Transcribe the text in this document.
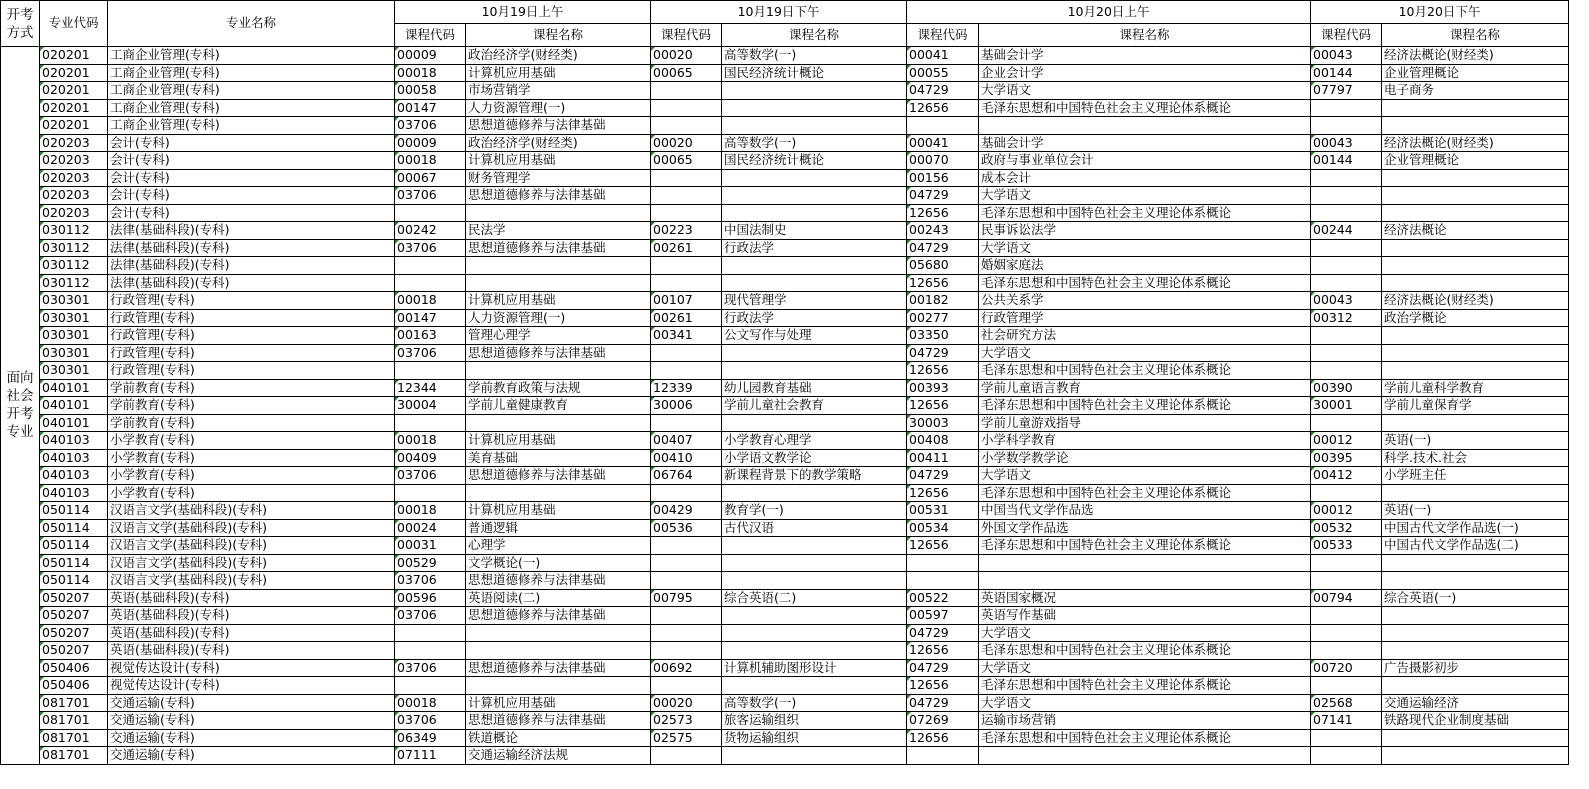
开考方式	专业代码	专业名称	10月19日上午		10月19日下午		10月20日上午		10月20日下午	
			课程代码	课程名称	课程代码	课程名称	课程代码	课程名称	课程代码	课程名称
面向社会开考专业	020201	工商企业管理(专科)	00009	政治经济学(财经类)	00020	高等数学(一)	00041	基础会计学	00043	经济法概论(财经类)
	020201	工商企业管理(专科)	00018	计算机应用基础	00065	国民经济统计概论	00055	企业会计学	00144	企业管理概论
	020201	工商企业管理(专科)	00058	市场营销学			04729	大学语文	07797	电子商务
	020201	工商企业管理(专科)	00147	人力资源管理(一)			12656	毛泽东思想和中国特色社会主义理论体系概论		
	020201	工商企业管理(专科)	03706	思想道德修养与法律基础						
	020203	会计(专科)	00009	政治经济学(财经类)	00020	高等数学(一)	00041	基础会计学	00043	经济法概论(财经类)
	020203	会计(专科)	00018	计算机应用基础	00065	国民经济统计概论	00070	政府与事业单位会计	00144	企业管理概论
	020203	会计(专科)	00067	财务管理学			00156	成本会计		
	020203	会计(专科)	03706	思想道德修养与法律基础			04729	大学语文		
	020203	会计(专科)					12656	毛泽东思想和中国特色社会主义理论体系概论		
	030112	法律(基础科段)(专科)	00242	民法学	00223	中国法制史	00243	民事诉讼法学	00244	经济法概论
	030112	法律(基础科段)(专科)	03706	思想道德修养与法律基础	00261	行政法学	04729	大学语文		
	030112	法律(基础科段)(专科)					05680	婚姻家庭法		
	030112	法律(基础科段)(专科)					12656	毛泽东思想和中国特色社会主义理论体系概论		
	030301	行政管理(专科)	00018	计算机应用基础	00107	现代管理学	00182	公共关系学	00043	经济法概论(财经类)
	030301	行政管理(专科)	00147	人力资源管理(一)	00261	行政法学	00277	行政管理学	00312	政治学概论
	030301	行政管理(专科)	00163	管理心理学	00341	公文写作与处理	03350	社会研究方法		
	030301	行政管理(专科)	03706	思想道德修养与法律基础			04729	大学语文		
	030301	行政管理(专科)					12656	毛泽东思想和中国特色社会主义理论体系概论		
	040101	学前教育(专科)	12344	学前教育政策与法规	12339	幼儿园教育基础	00393	学前儿童语言教育	00390	学前儿童科学教育
	040101	学前教育(专科)	30004	学前儿童健康教育	30006	学前儿童社会教育	12656	毛泽东思想和中国特色社会主义理论体系概论	30001	学前儿童保育学
	040101	学前教育(专科)					30003	学前儿童游戏指导		
	040103	小学教育(专科)	00018	计算机应用基础	00407	小学教育心理学	00408	小学科学教育	00012	英语(一)
	040103	小学教育(专科)	00409	美育基础	00410	小学语文教学论	00411	小学数学教学论	00395	科学.技术.社会
	040103	小学教育(专科)	03706	思想道德修养与法律基础	06764	新课程背景下的教学策略	04729	大学语文	00412	小学班主任
	040103	小学教育(专科)					12656	毛泽东思想和中国特色社会主义理论体系概论		
	050114	汉语言文学(基础科段)(专科)	00018	计算机应用基础	00429	教育学(一)	00531	中国当代文学作品选	00012	英语(一)
	050114	汉语言文学(基础科段)(专科)	00024	普通逻辑	00536	古代汉语	00534	外国文学作品选	00532	中国古代文学作品选(一)
	050114	汉语言文学(基础科段)(专科)	00031	心理学			12656	毛泽东思想和中国特色社会主义理论体系概论	00533	中国古代文学作品选(二)
	050114	汉语言文学(基础科段)(专科)	00529	文学概论(一)						
	050114	汉语言文学(基础科段)(专科)	03706	思想道德修养与法律基础						
	050207	英语(基础科段)(专科)	00596	英语阅读(二)	00795	综合英语(二)	00522	英语国家概况	00794	综合英语(一)
	050207	英语(基础科段)(专科)	03706	思想道德修养与法律基础			00597	英语写作基础		
	050207	英语(基础科段)(专科)					04729	大学语文		
	050207	英语(基础科段)(专科)					12656	毛泽东思想和中国特色社会主义理论体系概论		
	050406	视觉传达设计(专科)	03706	思想道德修养与法律基础	00692	计算机辅助图形设计	04729	大学语文	00720	广告摄影初步
	050406	视觉传达设计(专科)					12656	毛泽东思想和中国特色社会主义理论体系概论		
	081701	交通运输(专科)	00018	计算机应用基础	00020	高等数学(一)	04729	大学语文	02568	交通运输经济
	081701	交通运输(专科)	03706	思想道德修养与法律基础	02573	旅客运输组织	07269	运输市场营销	07141	铁路现代企业制度基础
	081701	交通运输(专科)	06349	铁道概论	02575	货物运输组织	12656	毛泽东思想和中国特色社会主义理论体系概论		
	081701	交通运输(专科)	07111	交通运输经济法规						
